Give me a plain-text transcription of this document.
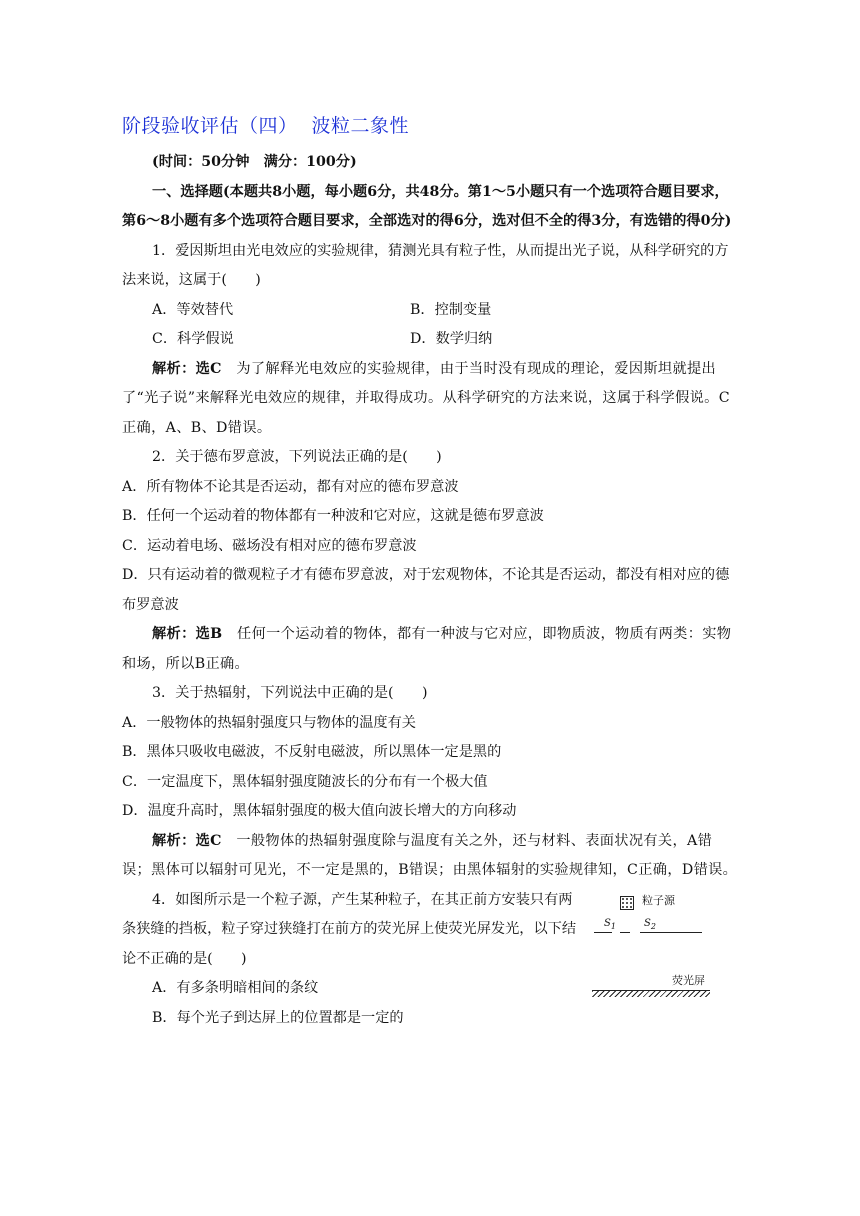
阶段验收评估（四） 波粒二象性

(时间：50分钟　满分：100分)

一、选择题(本题共8小题，每小题6分，共48分。第1～5小题只有一个选项符合题目要求，第6～8小题有多个选项符合题目要求，全部选对的得6分，选对但不全的得3分，有选错的得0分)

1．爱因斯坦由光电效应的实验规律，猜测光具有粒子性，从而提出光子说，从科学研究的方法来说，这属于(　　)

A．等效替代	B．控制变量

C．科学假说	D．数学归纳

解析：选C　为了解释光电效应的实验规律，由于当时没有现成的理论，爱因斯坦就提出了“光子说”来解释光电效应的规律，并取得成功。从科学研究的方法来说，这属于科学假说。C正确，A、B、D错误。

2．关于德布罗意波，下列说法正确的是(　　)

A．所有物体不论其是否运动，都有对应的德布罗意波

B．任何一个运动着的物体都有一种波和它对应，这就是德布罗意波

C．运动着电场、磁场没有相对应的德布罗意波

D．只有运动着的微观粒子才有德布罗意波，对于宏观物体，不论其是否运动，都没有相对应的德布罗意波

解析：选B　任何一个运动着的物体，都有一种波与它对应，即物质波，物质有两类：实物和场，所以B正确。

3．关于热辐射，下列说法中正确的是(　　)

A．一般物体的热辐射强度只与物体的温度有关

B．黑体只吸收电磁波，不反射电磁波，所以黑体一定是黑的

C．一定温度下，黑体辐射强度随波长的分布有一个极大值

D．温度升高时，黑体辐射强度的极大值向波长增大的方向移动

解析：选C　一般物体的热辐射强度除与温度有关之外，还与材料、表面状况有关，A错误；黑体可以辐射可见光，不一定是黑的，B错误；由黑体辐射的实验规律知，C正确，D错误。

4．如图所示是一个粒子源，产生某种粒子，在其正前方安装只有两条狭缝的挡板，粒子穿过狭缝打在前方的荧光屏上使荧光屏发光，以下结论不正确的是(　　)

A．有多条明暗相间的条纹

B．每个光子到达屏上的位置都是一定的

粒子源
$S_1$	$S_2$
荧光屏
